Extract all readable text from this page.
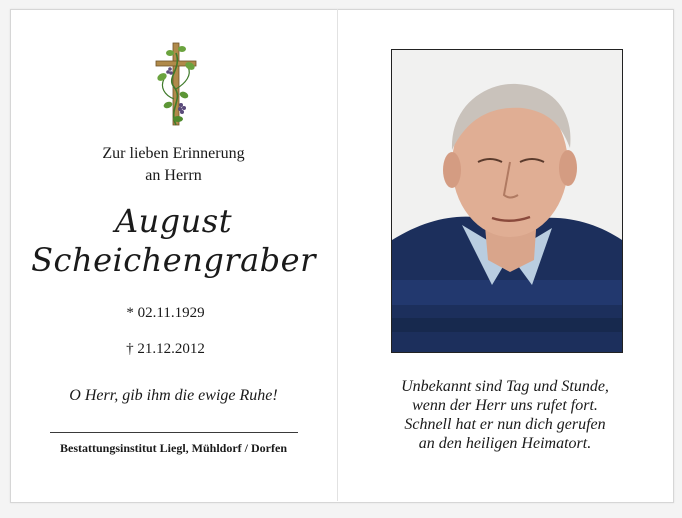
Zur lieben Erinnerung
an Herrn
August
Scheichengraber
* 02.11.1929
† 21.12.2012
O Herr, gib ihm die ewige Ruhe!
Bestattungsinstitut Liegl, Mühldorf / Dorfen
Unbekannt sind Tag und Stunde,
wenn der Herr uns rufet fort.
Schnell hat er nun dich gerufen
an den heiligen Heimatort.
